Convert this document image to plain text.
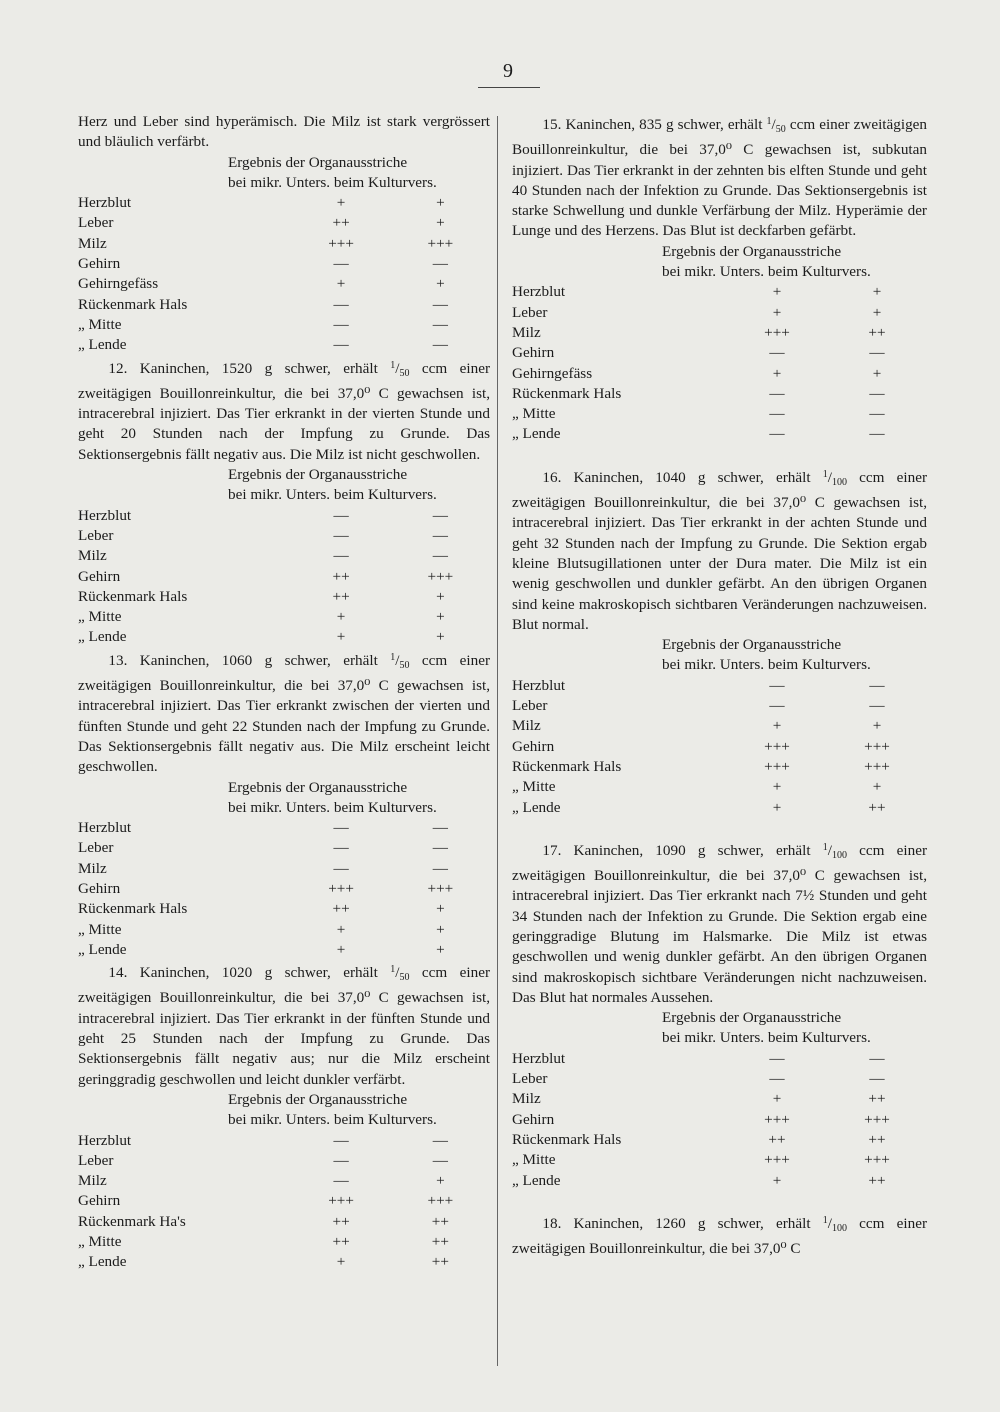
9
Herz und Leber sind hyperämisch. Die Milz ist stark vergrössert und bläulich verfärbt.
Ergebnis der Organausstriche
bei mikr. Unters. beim Kulturvers.
Herzblut	+	+
Leber	++	+
Milz	+++	+++
Gehirn	—	—
Gehirngefäss	+	+
Rückenmark Hals	—	—
„ Mitte	—	—
„ Lende	—	—
12. Kaninchen, 1520 g schwer, erhält $^1/_{50}$ ccm einer zweitägigen Bouillonreinkultur, die bei 37,0⁰ C gewachsen ist, intracerebral injiziert. Das Tier erkrankt in der vierten Stunde und geht 20 Stunden nach der Impfung zu Grunde. Das Sektionsergebnis fällt negativ aus. Die Milz ist nicht geschwollen.
Ergebnis der Organausstriche
bei mikr. Unters. beim Kulturvers.
Herzblut	—	—
Leber	—	—
Milz	—	—
Gehirn	++	+++
Rückenmark Hals	++	+
„ Mitte	+	+
„ Lende	+	+
13. Kaninchen, 1060 g schwer, erhält $^1/_{50}$ ccm einer zweitägigen Bouillonreinkultur, die bei 37,0⁰ C gewachsen ist, intracerebral injiziert. Das Tier erkrankt zwischen der vierten und fünften Stunde und geht 22 Stunden nach der Impfung zu Grunde. Das Sektionsergebnis fällt negativ aus. Die Milz erscheint leicht geschwollen.
Ergebnis der Organausstriche
bei mikr. Unters. beim Kulturvers.
Herzblut	—	—
Leber	—	—
Milz	—	—
Gehirn	+++	+++
Rückenmark Hals	++	+
„ Mitte	+	+
„ Lende	+	+
14. Kaninchen, 1020 g schwer, erhält $^1/_{50}$ ccm einer zweitägigen Bouillonreinkultur, die bei 37,0⁰ C gewachsen ist, intracerebral injiziert. Das Tier erkrankt in der fünften Stunde und geht 25 Stunden nach der Impfung zu Grunde. Das Sektionsergebnis fällt negativ aus; nur die Milz erscheint geringgradig geschwollen und leicht dunkler verfärbt.
Ergebnis der Organausstriche
bei mikr. Unters. beim Kulturvers.
Herzblut	—	—
Leber	—	—
Milz	—	+
Gehirn	+++	+++
Rückenmark Ha's	++	++
„ Mitte	++	++
„ Lende	+	++
15. Kaninchen, 835 g schwer, erhält $^1/_{50}$ ccm einer zweitägigen Bouillonreinkultur, die bei 37,0⁰ C gewachsen ist, subkutan injiziert. Das Tier erkrankt in der zehnten bis elften Stunde und geht 40 Stunden nach der Infektion zu Grunde. Das Sektionsergebnis ist starke Schwellung und dunkle Verfärbung der Milz. Hyperämie der Lunge und des Herzens. Das Blut ist deckfarben gefärbt.
Ergebnis der Organausstriche
bei mikr. Unters. beim Kulturvers.
Herzblut	+	+
Leber	+	+
Milz	+++	++
Gehirn	—	—
Gehirngefäss	+	+
Rückenmark Hals	—	—
„ Mitte	—	—
„ Lende	—	—
16. Kaninchen, 1040 g schwer, erhält $^1/_{100}$ ccm einer zweitägigen Bouillonreinkultur, die bei 37,0⁰ C gewachsen ist, intracerebral injiziert. Das Tier erkrankt in der achten Stunde und geht 32 Stunden nach der Impfung zu Grunde. Die Sektion ergab kleine Blutsugillationen unter der Dura mater. Die Milz ist ein wenig geschwollen und dunkler gefärbt. An den übrigen Organen sind keine makroskopisch sichtbaren Veränderungen nachzuweisen. Blut normal.
Ergebnis der Organausstriche
bei mikr. Unters. beim Kulturvers.
Herzblut	—	—
Leber	—	—
Milz	+	+
Gehirn	+++	+++
Rückenmark Hals	+++	+++
„ Mitte	+	+
„ Lende	+	++
17. Kaninchen, 1090 g schwer, erhält $^1/_{100}$ ccm einer zweitägigen Bouillonreinkultur, die bei 37,0⁰ C gewachsen ist, intracerebral injiziert. Das Tier erkrankt nach 7½ Stunden und geht 34 Stunden nach der Infektion zu Grunde. Die Sektion ergab eine geringgradige Blutung im Halsmarke. Die Milz ist etwas geschwollen und wenig dunkler gefärbt. An den übrigen Organen sind makroskopisch sichtbare Veränderungen nicht nachzuweisen. Das Blut hat normales Aussehen.
Ergebnis der Organausstriche
bei mikr. Unters. beim Kulturvers.
Herzblut	—	—
Leber	—	—
Milz	+	++
Gehirn	+++	+++
Rückenmark Hals	++	++
„ Mitte	+++	+++
„ Lende	+	++
18. Kaninchen, 1260 g schwer, erhält $^1/_{100}$ ccm einer zweitägigen Bouillonreinkultur, die bei 37,0⁰ C
